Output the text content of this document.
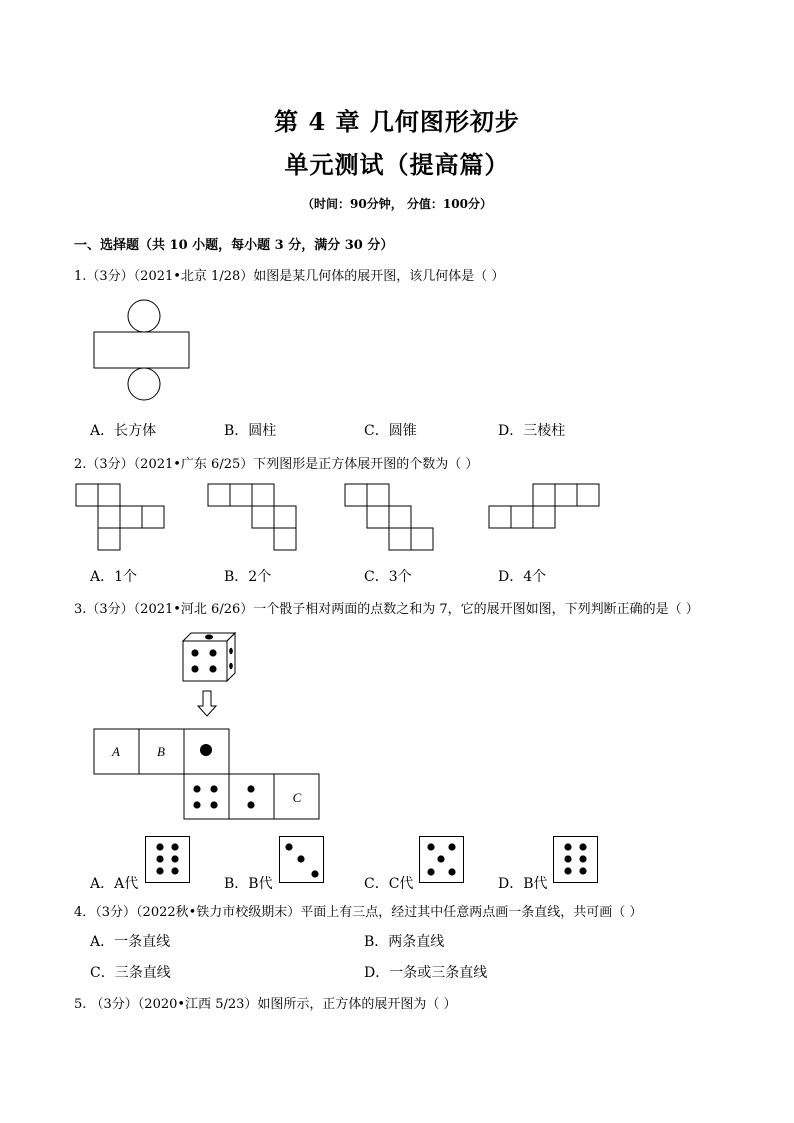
第 4 章 几何图形初步
单元测试（提高篇）
（时间：90分钟， 分值：100分）
一、选择题（共 10 小题，每小题 3 分，满分 30 分）
1.（3分）（2021•北京 1/28）如图是某几何体的展开图，该几何体是（ ）
A．长方体	B．圆柱	C．圆锥	D．三棱柱
2.（3分）（2021•广东 6/25）下列图形是正方体展开图的个数为（ ）
A．1个	B．2个	C．3个	D．4个
3.（3分）（2021•河北 6/26）一个骰子相对两面的点数之和为 7，它的展开图如图，下列判断正确的是（ ）
A	B
C
A．A代	B．B代	C．C代	D．B代
4．（3分）（2022秋•铁力市校级期末）平面上有三点，经过其中任意两点画一条直线，共可画（ ）
A．一条直线	B．两条直线
C．三条直线	D．一条或三条直线
5. （3分）（2020•江西 5/23）如图所示，正方体的展开图为（ ）
